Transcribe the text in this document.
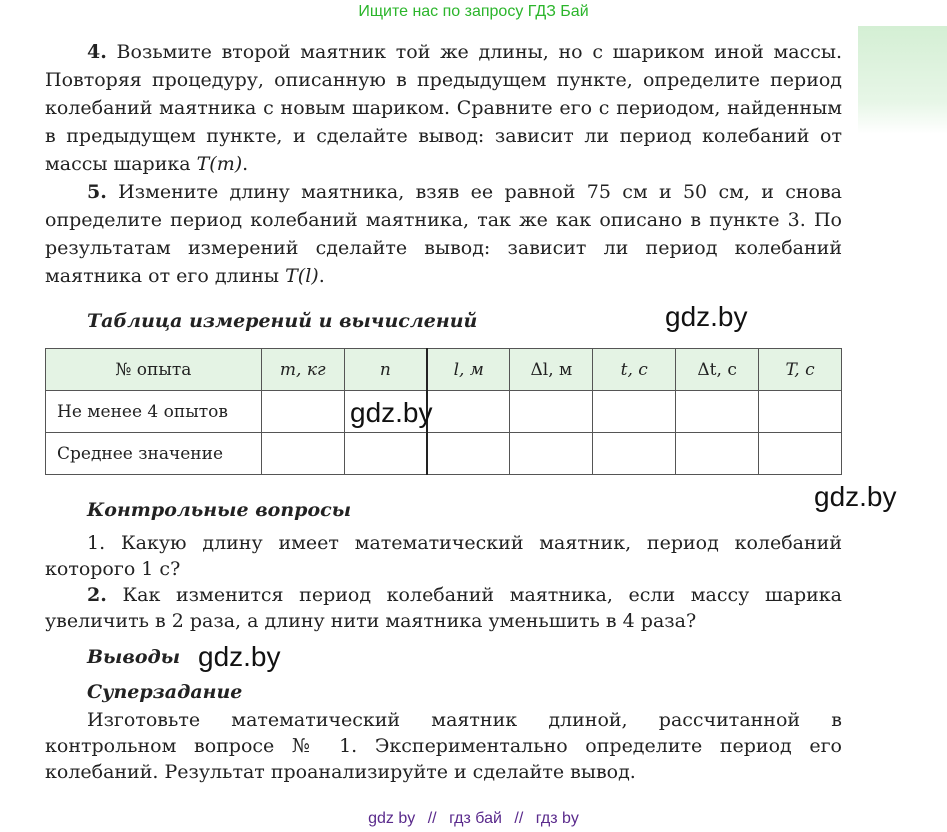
Ищите нас по запросу ГДЗ Бай

4. Возьмите второй маятник той же длины, но с шариком иной массы. Повторяя процедуру, описанную в предыдущем пункте, определите период колебаний маятника с новым шариком. Сравните его с периодом, найденным в предыдущем пункте, и сделайте вывод: зависит ли период колебаний от массы шарика T(m).

5. Измените длину маятника, взяв ее равной 75 см и 50 см, и снова определите период колебаний маятника, так же как описано в пункте 3. По результатам измерений сделайте вывод: зависит ли период колебаний маятника от его длины T(l).

Таблица измерений и вычислений	gdz.by
№ опыта	m, кг	n	l, м	Δl, м	t, с	Δt, с	T, с
Не менее 4 опытов							
Среднее значение							
gdz.by
gdz.by
Контрольные вопросы

1. Какую длину имеет математический маятник, период колебаний которого 1 с?

2. Как изменится период колебаний маятника, если массу шарика увеличить в 2 раза, а длину нити маятника уменьшить в 4 раза?

Выводы gdz.by
Суперзадание

Изготовьте математический маятник длиной, рассчитанной в контрольном вопросе № 1. Экспериментально определите период его колебаний. Результат проанализируйте и сделайте вывод.

gdz by // гдз бай // гдз by
